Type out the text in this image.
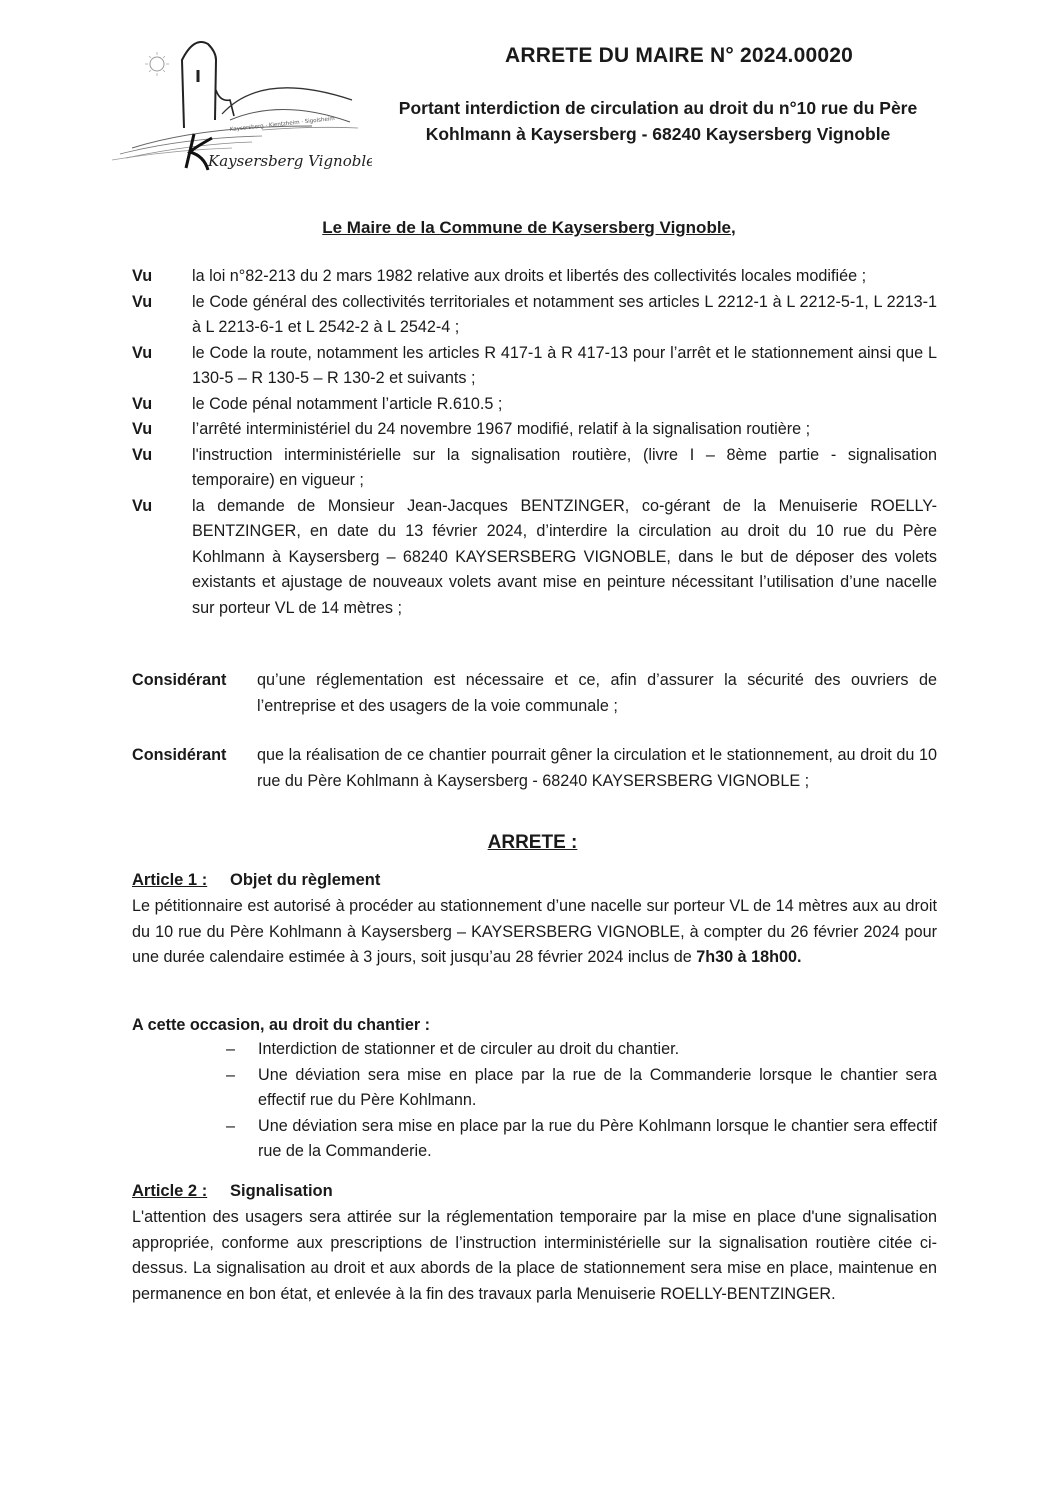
Kaysersberg · Kientzheim · Sigolsheim
Kaysersberg Vignoble
ARRETE DU MAIRE N° 2024.00020
Portant interdiction de circulation au droit du n°10 rue du Père Kohlmann à Kaysersberg - 68240 Kaysersberg Vignoble
Le Maire de la Commune de Kaysersberg Vignoble,
Vu	la loi n°82-213 du 2 mars 1982 relative aux droits et libertés des collectivités locales modifiée ;
Vu	le Code général des collectivités territoriales et notamment ses articles L 2212-1 à L 2212-5-1, L 2213-1 à L 2213-6-1 et L 2542-2 à L 2542-4 ;
Vu	le Code la route, notamment les articles R 417-1 à R 417-13 pour l’arrêt et le stationnement ainsi que L 130-5 – R 130-5 – R 130-2 et suivants ;
Vu	le Code pénal notamment l’article R.610.5 ;
Vu	l’arrêté interministériel du 24 novembre 1967 modifié, relatif à la signalisation routière ;
Vu	l'instruction interministérielle sur la signalisation routière, (livre I – 8ème partie - signalisation temporaire) en vigueur ;
Vu	la demande de Monsieur Jean-Jacques BENTZINGER, co-gérant de la Menuiserie ROELLY-BENTZINGER, en date du 13 février 2024, d’interdire la circulation au droit du 10 rue du Père Kohlmann à Kaysersberg – 68240 KAYSERSBERG VIGNOBLE, dans le but de déposer des volets existants et ajustage de nouveaux volets avant mise en peinture nécessitant l’utilisation d’une nacelle sur porteur VL de 14 mètres ;
Considérant	qu’une réglementation est nécessaire et ce, afin d’assurer la sécurité des ouvriers de l’entreprise et des usagers de la voie communale ;
Considérant	que la réalisation de ce chantier pourrait gêner la circulation et le stationnement, au droit du 10 rue du Père Kohlmann à Kaysersberg - 68240 KAYSERSBERG VIGNOBLE ;
ARRETE :
Article 1 : Objet du règlement
Le pétitionnaire est autorisé à procéder au stationnement d’une nacelle sur porteur VL de 14 mètres aux au droit du 10 rue du Père Kohlmann à Kaysersberg – KAYSERSBERG VIGNOBLE, à compter du 26 février 2024 pour une durée calendaire estimée à 3 jours, soit jusqu’au 28 février 2024 inclus de 7h30 à 18h00.
A cette occasion, au droit du chantier :
–	Interdiction de stationner et de circuler au droit du chantier.
–	Une déviation sera mise en place par la rue de la Commanderie lorsque le chantier sera effectif rue du Père Kohlmann.
–	Une déviation sera mise en place par la rue du Père Kohlmann lorsque le chantier sera effectif rue de la Commanderie.
Article 2 : Signalisation
L'attention des usagers sera attirée sur la réglementation temporaire par la mise en place d'une signalisation appropriée, conforme aux prescriptions de l’instruction interministérielle sur la signalisation routière citée ci-dessus. La signalisation au droit et aux abords de la place de stationnement sera mise en place, maintenue en permanence en bon état, et enlevée à la fin des travaux parla Menuiserie ROELLY-BENTZINGER.
